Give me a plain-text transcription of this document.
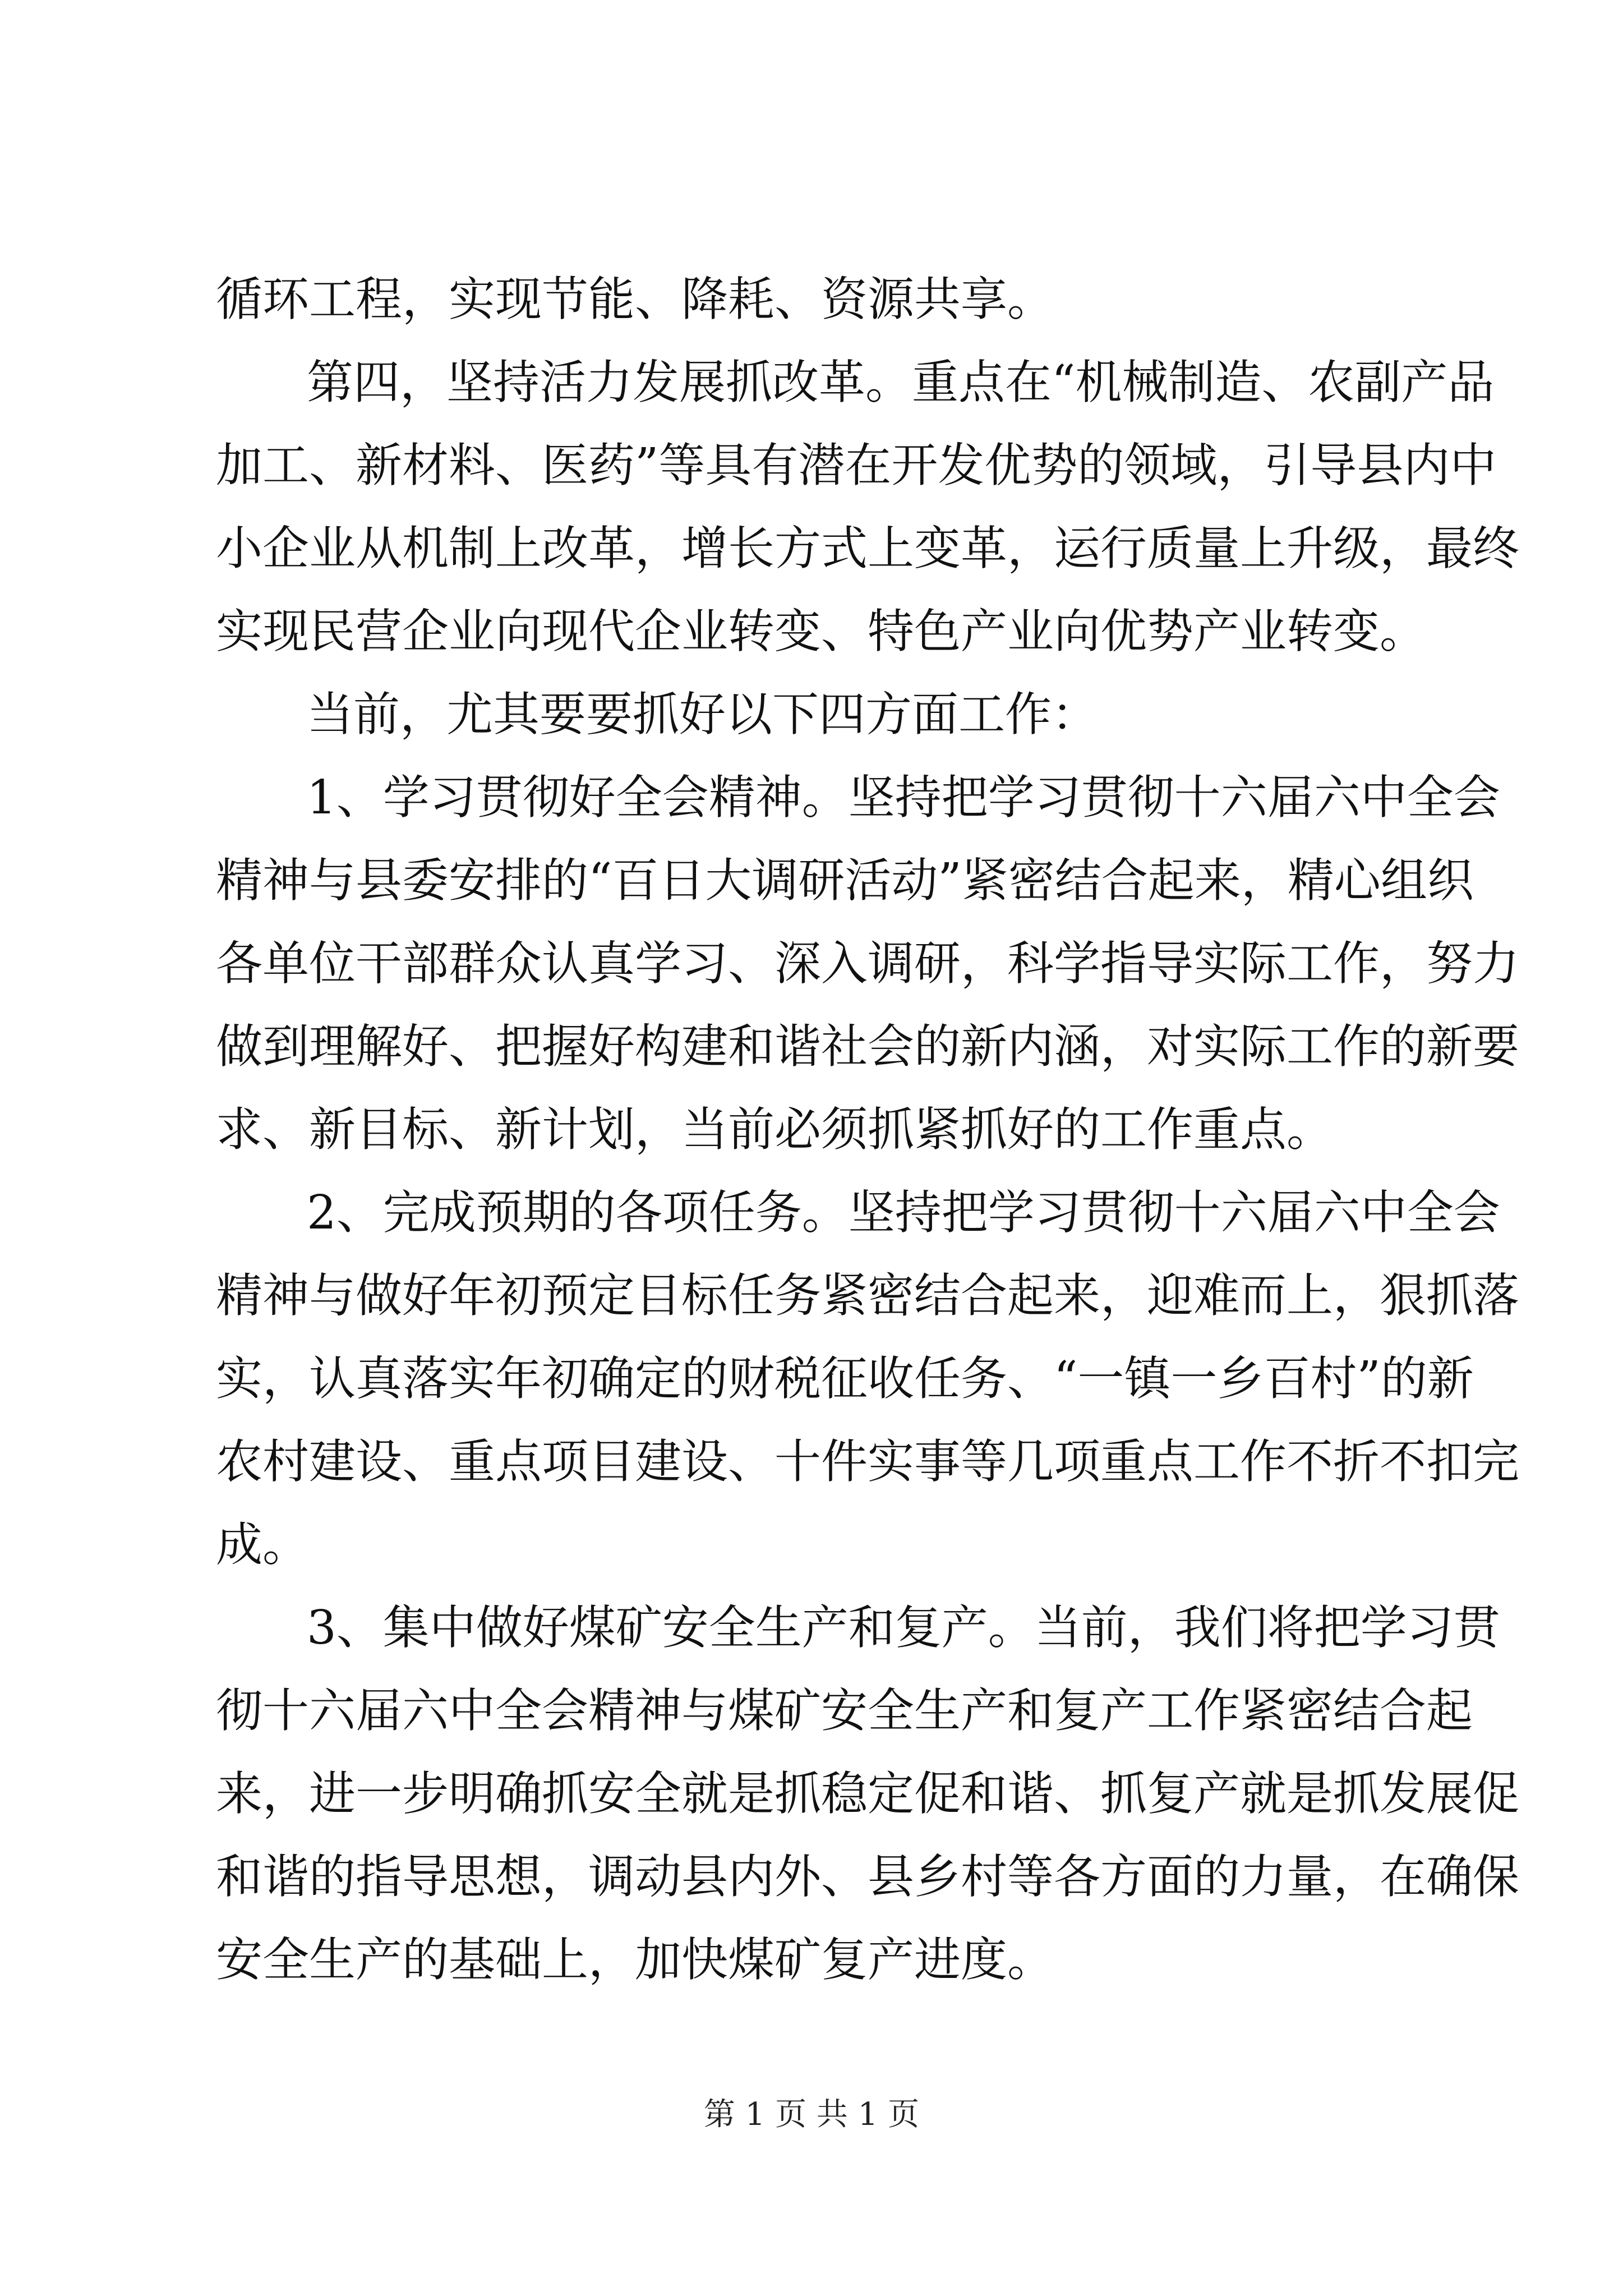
循环工程，实现节能、降耗、资源共享。
第四，坚持活力发展抓改革。重点在“机械制造、农副产品
加工、新材料、医药”等具有潜在开发优势的领域，引导县内中
小企业从机制上改革，增长方式上变革，运行质量上升级，最终
实现民营企业向现代企业转变、特色产业向优势产业转变。
当前，尤其要要抓好以下四方面工作：
1、学习贯彻好全会精神。坚持把学习贯彻十六届六中全会
精神与县委安排的“百日大调研活动”紧密结合起来，精心组织
各单位干部群众认真学习、深入调研，科学指导实际工作，努力
做到理解好、把握好构建和谐社会的新内涵，对实际工作的新要
求、新目标、新计划，当前必须抓紧抓好的工作重点。
2、完成预期的各项任务。坚持把学习贯彻十六届六中全会
精神与做好年初预定目标任务紧密结合起来，迎难而上，狠抓落
实，认真落实年初确定的财税征收任务、“一镇一乡百村”的新
农村建设、重点项目建设、十件实事等几项重点工作不折不扣完
成。
3、集中做好煤矿安全生产和复产。当前，我们将把学习贯
彻十六届六中全会精神与煤矿安全生产和复产工作紧密结合起
来，进一步明确抓安全就是抓稳定促和谐、抓复产就是抓发展促
和谐的指导思想，调动县内外、县乡村等各方面的力量，在确保
安全生产的基础上，加快煤矿复产进度。
第 1 页 共 1 页
